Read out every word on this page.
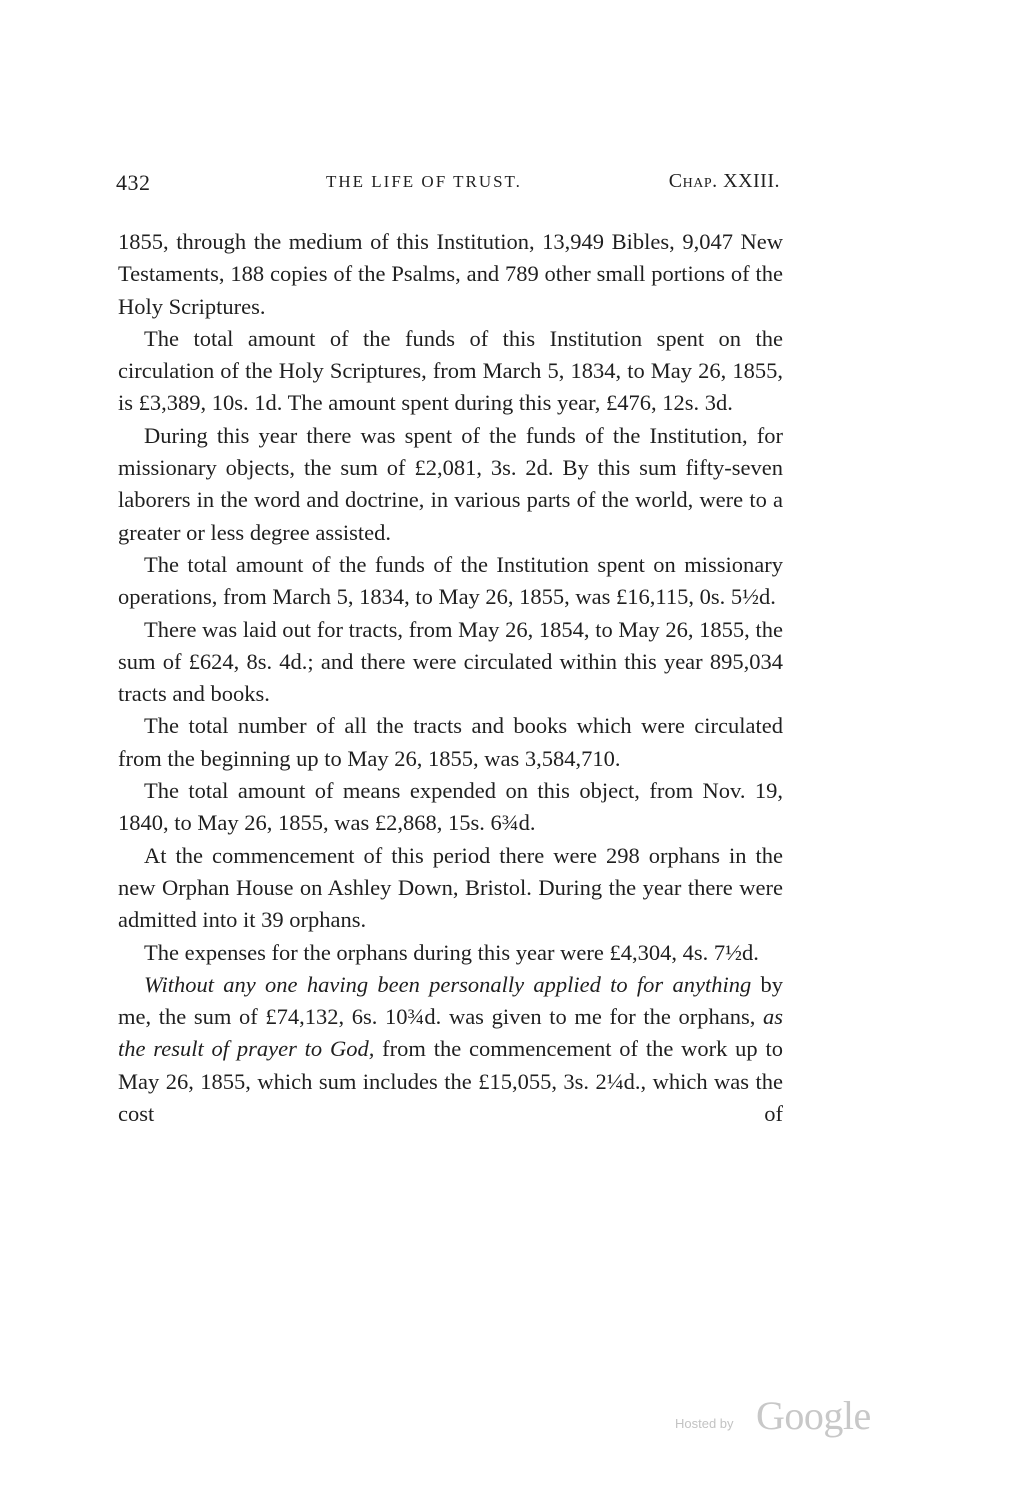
432	THE LIFE OF TRUST.	Chap. XXIII.

1855, through the medium of this Institution, 13,949 Bibles, 9,047 New Testaments, 188 copies of the Psalms, and 789 other small portions of the Holy Scriptures.

The total amount of the funds of this Institution spent on the circulation of the Holy Scriptures, from March 5, 1834, to May 26, 1855, is £3,389, 10s. 1d. The amount spent during this year, £476, 12s. 3d.

During this year there was spent of the funds of the Institution, for missionary objects, the sum of £2,081, 3s. 2d. By this sum fifty-seven laborers in the word and doctrine, in various parts of the world, were to a greater or less degree assisted.

The total amount of the funds of the Institution spent on missionary operations, from March 5, 1834, to May 26, 1855, was £16,115, 0s. 5½d.

There was laid out for tracts, from May 26, 1854, to May 26, 1855, the sum of £624, 8s. 4d.; and there were circulated within this year 895,034 tracts and books.

The total number of all the tracts and books which were circulated from the beginning up to May 26, 1855, was 3,584,710.

The total amount of means expended on this object, from Nov. 19, 1840, to May 26, 1855, was £2,868, 15s. 6¾d.

At the commencement of this period there were 298 orphans in the new Orphan House on Ashley Down, Bristol. During the year there were admitted into it 39 orphans.

The expenses for the orphans during this year were £4,304, 4s. 7½d.

Without any one having been personally applied to for anything by me, the sum of £74,132, 6s. 10¾d. was given to me for the orphans, as the result of prayer to God, from the commencement of the work up to May 26, 1855, which sum includes the £15,055, 3s. 2¼d., which was the cost of

Hosted by Google
